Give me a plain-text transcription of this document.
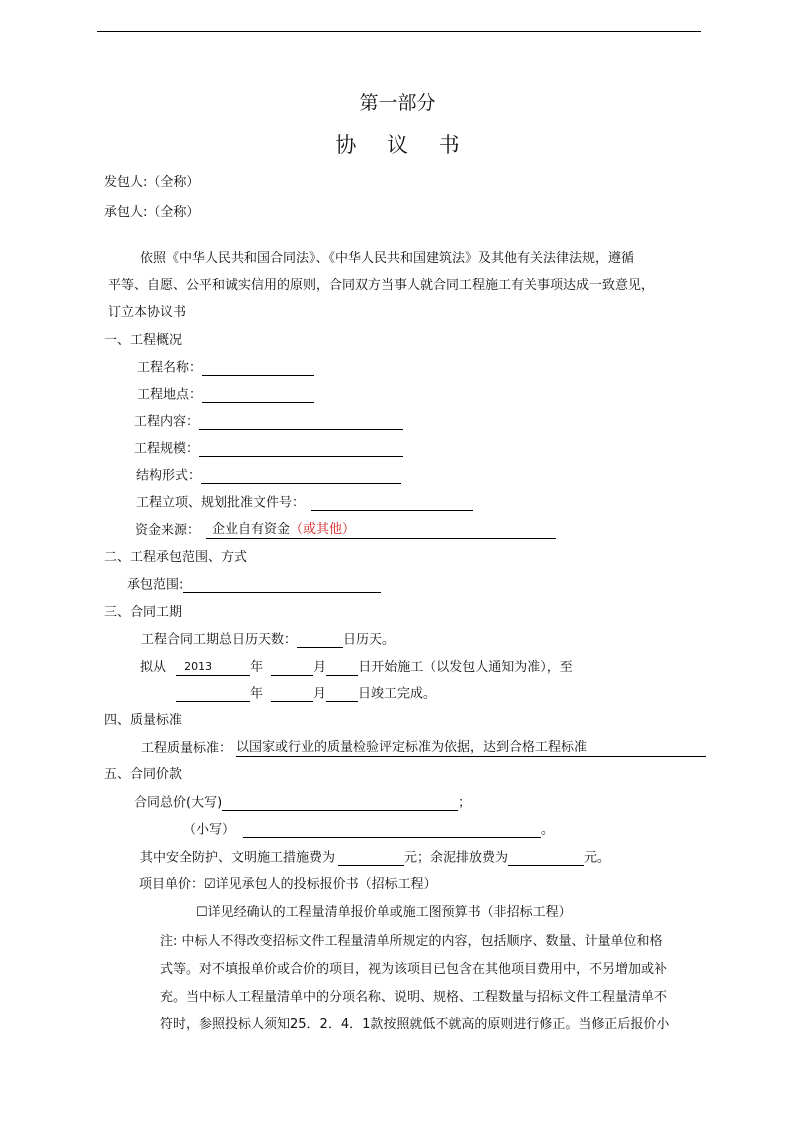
第一部分
协 议 书
发包人:（全称）
承包人:（全称）
依照《中华人民共和国合同法》、《中华人民共和国建筑法》及其他有关法律法规，遵循
平等、自愿、公平和诚实信用的原则，合同双方当事人就合同工程施工有关事项达成一致意见，
订立本协议书
一、工程概况
工程名称：
工程地点：
工程内容：
工程规模：
结构形式：
工程立项、规划批准文件号：
资金来源： 企业自有资金（或其他）
二、工程承包范围、方式
承包范围:
三、合同工期
工程合同工期总日历天数：	日历天。
拟从 2013	年	月 日开始施工（以发包人通知为准），至
年	月 日竣工完成。
四、质量标准
工程质量标准： 以国家或行业的质量检验评定标准为依据，达到合格工程标准
五、合同价款
合同总价(大写)	；
（小写）	。
其中安全防护、文明施工措施费为	元；余泥排放费为	元。
项目单价：☑详见承包人的投标报价书（招标工程）
☐详见经确认的工程量清单报价单或施工图预算书（非招标工程）
注: 中标人不得改变招标文件工程量清单所规定的内容，包括顺序、数量、计量单位和格
式等。对不填报单价或合价的项目，视为该项目已包含在其他项目费用中，不另增加或补
充。当中标人工程量清单中的分项名称、说明、规格、工程数量与招标文件工程量清单不
符时，参照投标人须知25．2．4．1款按照就低不就高的原则进行修正。当修正后报价小
